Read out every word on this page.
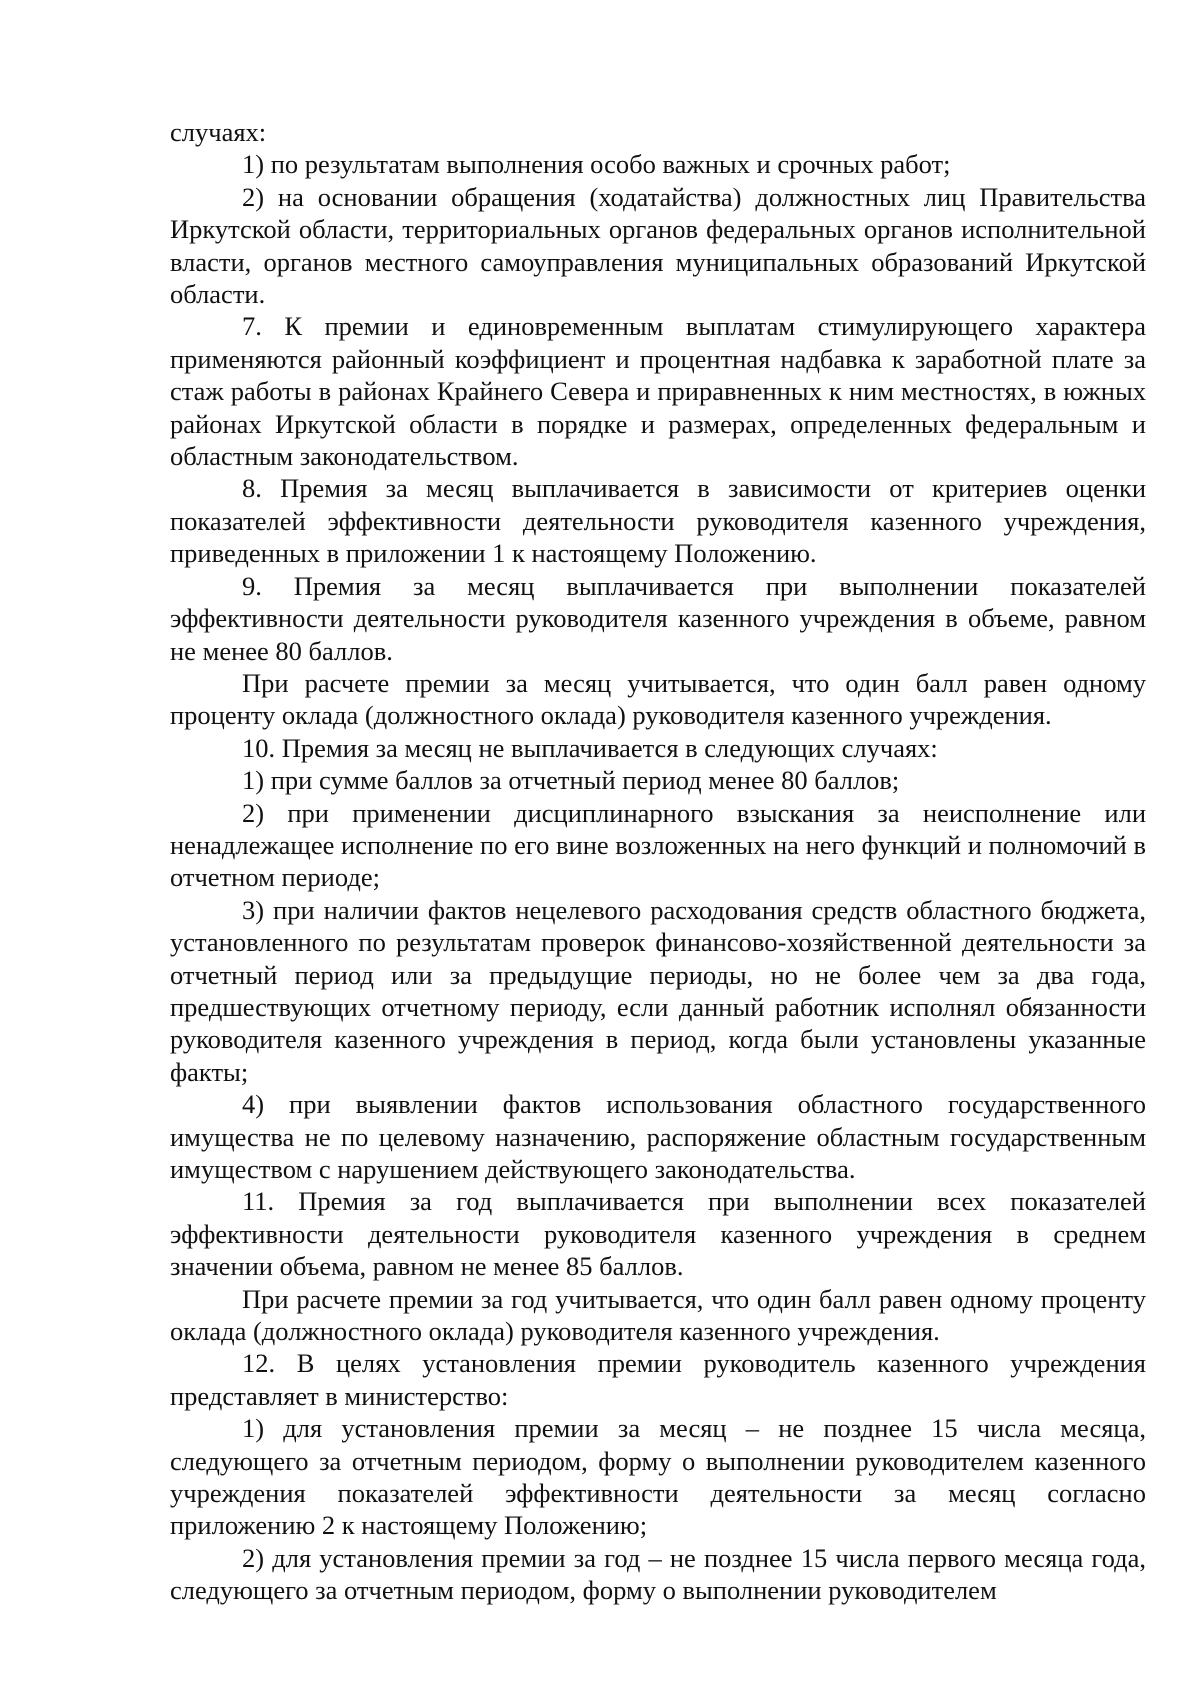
случаях:

1) по результатам выполнения особо важных и срочных работ;

2) на основании обращения (ходатайства) должностных лиц Правительства Иркутской области, территориальных органов федеральных органов исполнительной власти, органов местного самоуправления муниципальных образований Иркутской области.

7. К премии и единовременным выплатам стимулирующего характера применяются районный коэффициент и процентная надбавка к заработной плате за стаж работы в районах Крайнего Севера и приравненных к ним местностях, в южных районах Иркутской области в порядке и размерах, определенных федеральным и областным законодательством.

8. Премия за месяц выплачивается в зависимости от критериев оценки показателей эффективности деятельности руководителя казенного учреждения, приведенных в приложении 1 к настоящему Положению.

9. Премия за месяц выплачивается при выполнении показателей эффективности деятельности руководителя казенного учреждения в объеме, равном не менее 80 баллов.

При расчете премии за месяц учитывается, что один балл равен одному проценту оклада (должностного оклада) руководителя казенного учреждения.

10. Премия за месяц не выплачивается в следующих случаях:

1) при сумме баллов за отчетный период менее 80 баллов;

2) при применении дисциплинарного взыскания за неисполнение или ненадлежащее исполнение по его вине возложенных на него функций и полномочий в отчетном периоде;

3) при наличии фактов нецелевого расходования средств областного бюджета, установленного по результатам проверок финансово-хозяйственной деятельности за отчетный период или за предыдущие периоды, но не более чем за два года, предшествующих отчетному периоду, если данный работник исполнял обязанности руководителя казенного учреждения в период, когда были установлены указанные факты;

4) при выявлении фактов использования областного государственного имущества не по целевому назначению, распоряжение областным государственным имуществом с нарушением действующего законодательства.

11. Премия за год выплачивается при выполнении всех показателей эффективности деятельности руководителя казенного учреждения в среднем значении объема, равном не менее 85 баллов.

При расчете премии за год учитывается, что один балл равен одному проценту оклада (должностного оклада) руководителя казенного учреждения.

12. В целях установления премии руководитель казенного учреждения представляет в министерство:

1) для установления премии за месяц – не позднее 15 числа месяца, следующего за отчетным периодом, форму о выполнении руководителем казенного учреждения показателей эффективности деятельности за месяц согласно приложению 2 к настоящему Положению;

2) для установления премии за год – не позднее 15 числа первого месяца года, следующего за отчетным периодом, форму о выполнении руководителем
